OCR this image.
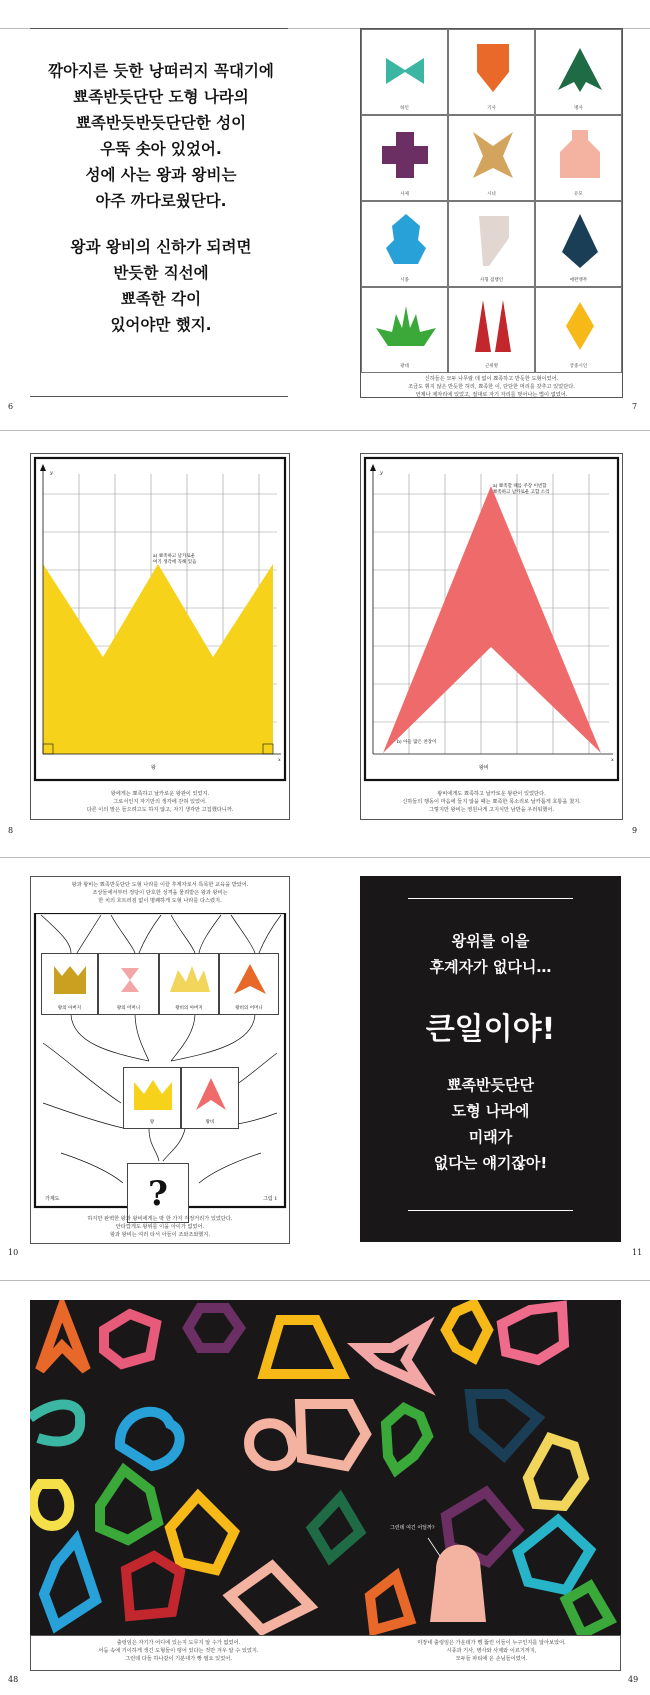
깎아지른 듯한 낭떠러지 꼭대기에
뾰족반듯단단 도형 나라의
뾰족반듯반듯단단한 성이
우뚝 솟아 있었어.
성에 사는 왕과 왕비는
아주 까다로웠단다.
왕과 왕비의 신하가 되려면
반듯한 직선에
뾰족한 각이
있어야만 했지.
6	7
하인	기사	병사
사제	시녀	유모
시종	사형 집행인	애완앵무
광대	근위병	궁중시인
신하들은 모두 나무랄 데 없이 뾰족하고 반듯한 도형이었어.
조금도 휘지 않은 반듯한 허리, 뾰족한 이, 단단한 머리를 갖추고 있었단다.
언제나 제자리에 있었고, 절대로 자기 자리를 벗어나는 법이 없었어.
a) 뾰족하고 날카로운
여기 생각에 꼭해 있음
y
x
왕
왕에게는 뾰족하고 날카로운 왕관이 있었지.
그로서인지 자기만의 생각에 갇혀 있었어.
다른 이의 말은 들으려고도 하지 않고, 자기 생각만 고집했다니까.
a) 뾰족할 때를 주장 이번함
뾰족하고 날카로운 고함 소리
b) 아들 많은 찬장이
y
x
왕비
왕비에게도 뾰족하고 날카로운 왕관이 있었단다.
신하들의 행동이 마음에 들지 않을 때는 뾰족한 목소리로 날카롭게 호통을 쳤지.
그렇지만 왕비는 영원나게 고지식만 남반을 우러워했어.
8	9
왕과 왕비는 뾰족반듯단단 도형 나라를 이끌 후계자로서 특목한 교육을 받았어.
조상들에서부터 정당이 단호한 성격을 물려받은 왕과 왕비는
한 치의 흐트러짐 없이 명쾌하게 도형 나라를 다스렸지.
왕의 아버지	왕의 어머니	왕비의 아버지	왕비의 어머니
왕	왕비
?
가계도	그림 1
하지만 완벽한 왕과 왕비에게는 딱 한 가지 걱정거리가 있었단다.
안타깝게도 왕위를 이을 아이가 없었어.
왕과 왕비는 여러 타서 아들이 조와조와했지.
왕위를 이을
후계자가 없다니…
큰일이야!
뾰족반듯단단
도형 나라에
미래가
없다는 얘기잖아!
10	11
그런데 여긴 어딜까?
출렁임은 자기가 어디에 있는지 도무지 알 수가 없었어.
어둠 속에 기이하게 생긴 도형들이 떵어 있다는 것만 겨우 알 수 있었지.
그런데 다들 하나같이 기분대가 빵 필요 있었어.
미장네 출렁임은 가운데가 뻥 뚫린 이들이 누구인지를 알아보았어.
시종과 기사, 병사와 사제와 이르기까지,
모두들 파티에 온 손님들이었어.
48	49
